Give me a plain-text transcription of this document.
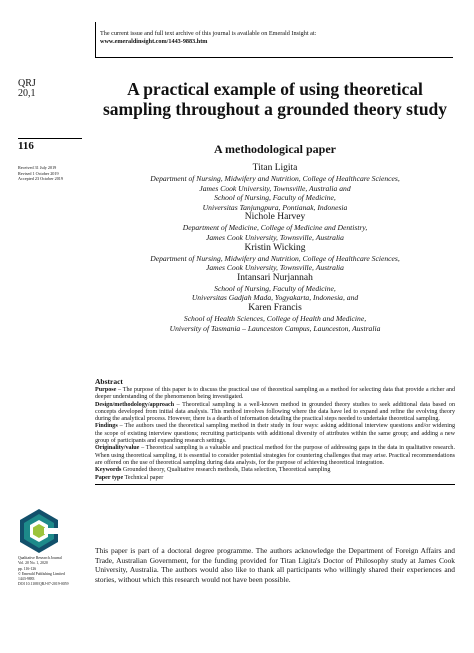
The current issue and full text archive of this journal is available on Emerald Insight at:
www.emeraldinsight.com/1443-9883.htm
QRJ
20,1
116
Received 31 July 2019
Revised 1 October 2019
Accepted 23 October 2019
A practical example of using theoretical sampling throughout a grounded theory study
A methodological paper
Titan Ligita
Department of Nursing, Midwifery and Nutrition, College of Healthcare Sciences,
James Cook University, Townsville, Australia and
School of Nursing, Faculty of Medicine,
Universitas Tanjungpura, Pontianak, Indonesia
Nichole Harvey
Department of Medicine, College of Medicine and Dentistry,
James Cook University, Townsville, Australia
Kristin Wicking
Department of Nursing, Midwifery and Nutrition, College of Healthcare Sciences,
James Cook University, Townsville, Australia
Intansari Nurjannah
School of Nursing, Faculty of Medicine,
Universitas Gadjah Mada, Yogyakarta, Indonesia, and
Karen Francis
School of Health Sciences, College of Health and Medicine,
University of Tasmania – Launceston Campus, Launceston, Australia
Abstract
Purpose – The purpose of this paper is to discuss the practical use of theoretical sampling as a method for selecting data that provide a richer and deeper understanding of the phenomenon being investigated.
Design/methodology/approach – Theoretical sampling is a well-known method in grounded theory studies to seek additional data based on concepts developed from initial data analysis. This method involves following where the data have led to expand and refine the evolving theory during the analytical process. However, there is a dearth of information detailing the practical steps needed to undertake theoretical sampling.
Findings – The authors used the theoretical sampling method in their study in four ways: asking additional interview questions and/or widening the scope of existing interview questions; recruiting participants with additional diversity of attributes within the same group; and adding a new group of participants and expanding research settings.
Originality/value – Theoretical sampling is a valuable and practical method for the purpose of addressing gaps in the data in qualitative research. When using theoretical sampling, it is essential to consider potential strategies for countering challenges that may arise. Practical recommendations are offered on the use of theoretical sampling during data analysis, for the purpose of achieving theoretical integration.
Keywords Grounded theory, Qualitative research methods, Data selection, Theoretical sampling
Paper type Technical paper
Qualitative Research Journal
Vol. 20 No. 1, 2020
pp. 116-126
© Emerald Publishing Limited
1443-9883
DOI 10.1108/QRJ-07-2019-0059
This paper is part of a doctoral degree programme. The authors acknowledge the Department of Foreign Affairs and Trade, Australian Government, for the funding provided for Titan Ligita's Doctor of Philosophy study at James Cook University, Australia. The authors would also like to thank all participants who willingly shared their experiences and stories, without which this research would not have been possible.
